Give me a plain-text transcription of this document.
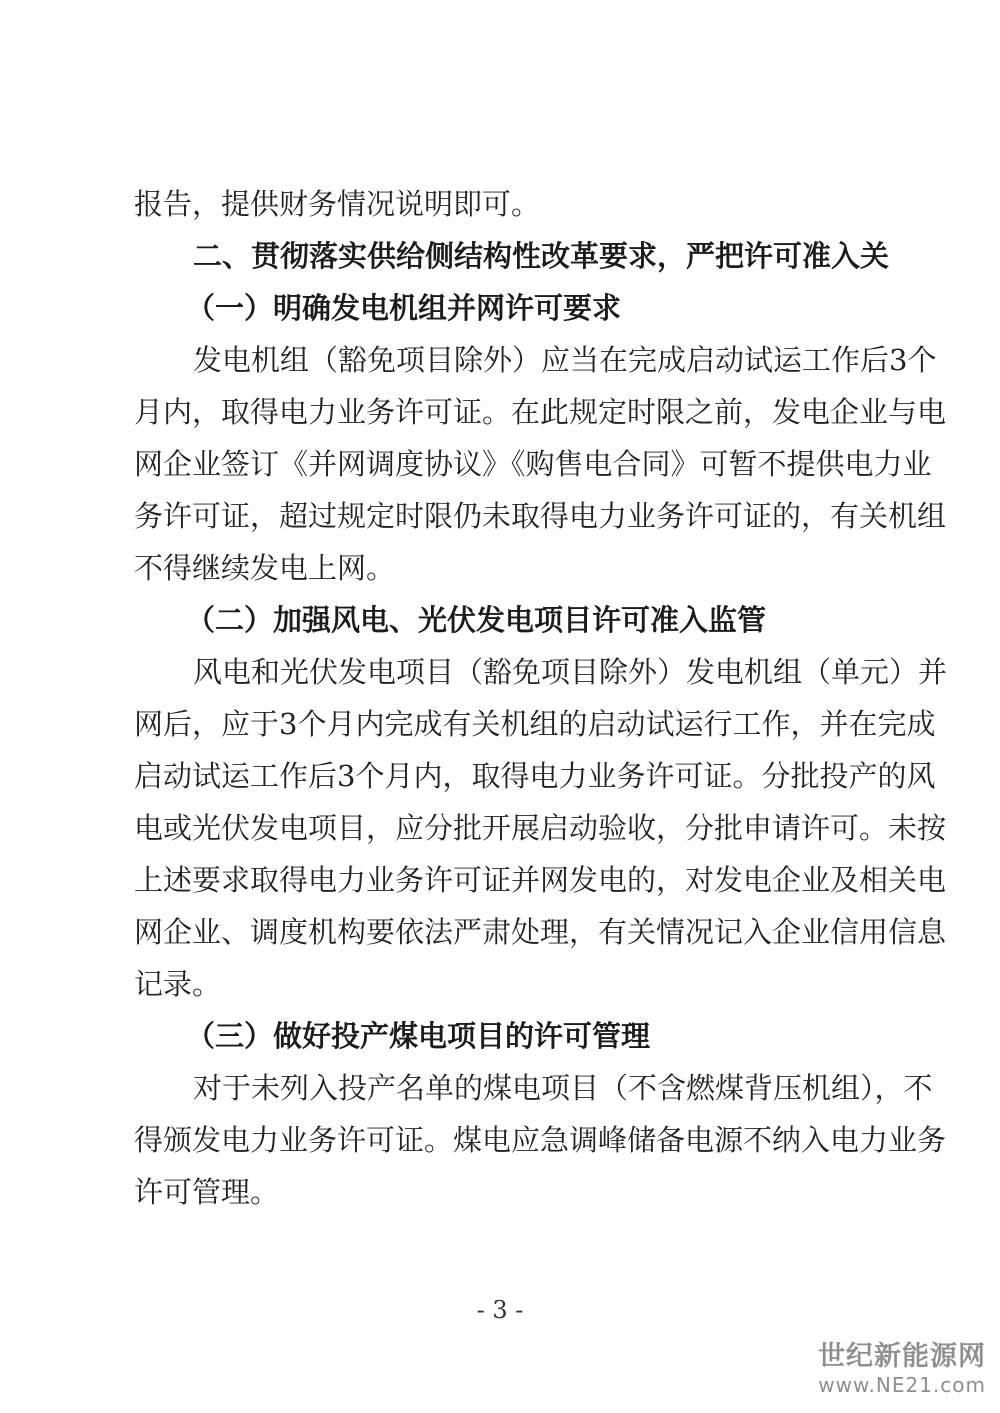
报告，提供财务情况说明即可。
二、贯彻落实供给侧结构性改革要求，严把许可准入关
（一）明确发电机组并网许可要求
发电机组（豁免项目除外）应当在完成启动试运工作后3个
月内，取得电力业务许可证。在此规定时限之前，发电企业与电
网企业签订《并网调度协议》《购售电合同》可暂不提供电力业
务许可证，超过规定时限仍未取得电力业务许可证的，有关机组
不得继续发电上网。
（二）加强风电、光伏发电项目许可准入监管
风电和光伏发电项目（豁免项目除外）发电机组（单元）并
网后，应于3个月内完成有关机组的启动试运行工作，并在完成
启动试运工作后3个月内，取得电力业务许可证。分批投产的风
电或光伏发电项目，应分批开展启动验收，分批申请许可。未按
上述要求取得电力业务许可证并网发电的，对发电企业及相关电
网企业、调度机构要依法严肃处理，有关情况记入企业信用信息
记录。
（三）做好投产煤电项目的许可管理
对于未列入投产名单的煤电项目（不含燃煤背压机组），不
得颁发电力业务许可证。煤电应急调峰储备电源不纳入电力业务
许可管理。
- 3 -
世纪新能源网
www.NE21.com
